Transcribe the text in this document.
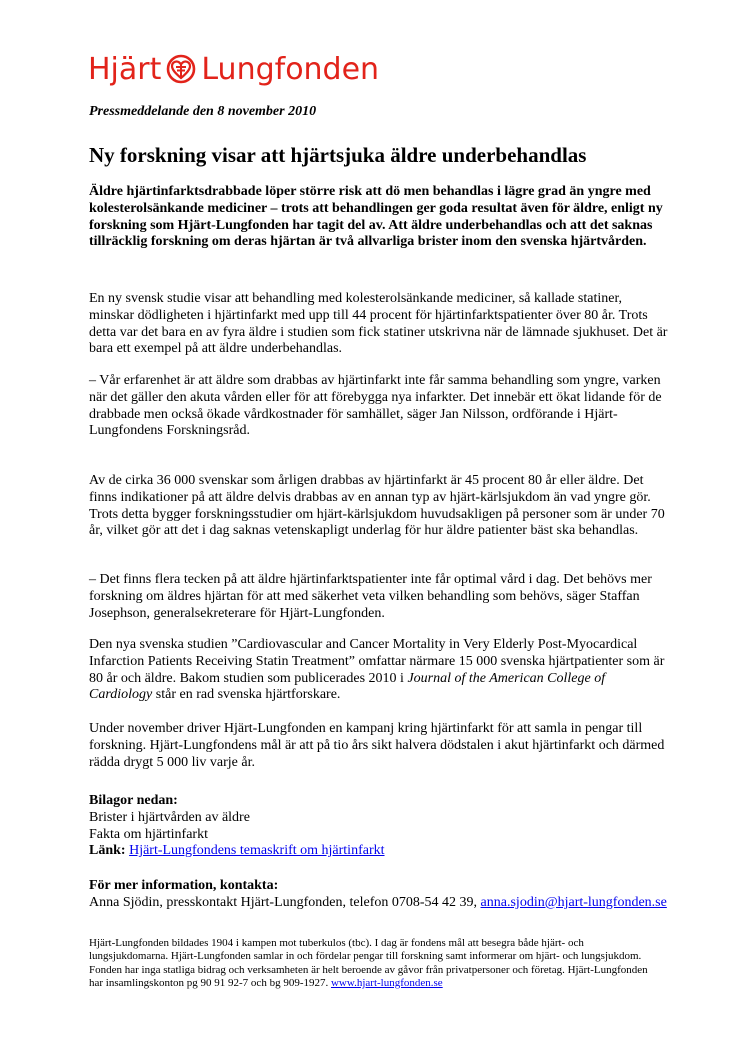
Hjärt Lungfonden
Pressmeddelande den 8 november 2010
Ny forskning visar att hjärtsjuka äldre underbehandlas

Äldre hjärtinfarktsdrabbade löper större risk att dö men behandlas i lägre grad än yngre med kolesterolsänkande mediciner – trots att behandlingen ger goda resultat även för äldre, enligt ny forskning som Hjärt-Lungfonden har tagit del av. Att äldre underbehandlas och att det saknas tillräcklig forskning om deras hjärtan är två allvarliga brister inom den svenska hjärtvården.

En ny svensk studie visar att behandling med kolesterolsänkande mediciner, så kallade statiner, minskar dödligheten i hjärtinfarkt med upp till 44 procent för hjärtinfarktspatienter över 80 år. Trots detta var det bara en av fyra äldre i studien som fick statiner utskrivna när de lämnade sjukhuset. Det är bara ett exempel på att äldre underbehandlas.

– Vår erfarenhet är att äldre som drabbas av hjärtinfarkt inte får samma behandling som yngre, varken när det gäller den akuta vården eller för att förebygga nya infarkter. Det innebär ett ökat lidande för de drabbade men också ökade vårdkostnader för samhället, säger Jan Nilsson, ordförande i Hjärt-Lungfondens Forskningsråd.

Av de cirka 36 000 svenskar som årligen drabbas av hjärtinfarkt är 45 procent 80 år eller äldre. Det finns indikationer på att äldre delvis drabbas av en annan typ av hjärt-kärlsjukdom än vad yngre gör. Trots detta bygger forskningsstudier om hjärt-kärlsjukdom huvudsakligen på personer som är under 70 år, vilket gör att det i dag saknas vetenskapligt underlag för hur äldre patienter bäst ska behandlas.

– Det finns flera tecken på att äldre hjärtinfarktspatienter inte får optimal vård i dag. Det behövs mer forskning om äldres hjärtan för att med säkerhet veta vilken behandling som behövs, säger Staffan Josephson, generalsekreterare för Hjärt-Lungfonden.

Den nya svenska studien ”Cardiovascular and Cancer Mortality in Very Elderly Post-Myocardical Infarction Patients Receiving Statin Treatment” omfattar närmare 15 000 svenska hjärtpatienter som är 80 år och äldre. Bakom studien som publicerades 2010 i Journal of the American College of Cardiology står en rad svenska hjärtforskare.

Under november driver Hjärt-Lungfonden en kampanj kring hjärtinfarkt för att samla in pengar till forskning. Hjärt-Lungfondens mål är att på tio års sikt halvera dödstalen i akut hjärtinfarkt och därmed rädda drygt 5 000 liv varje år.

Bilagor nedan:
Brister i hjärtvården av äldre
Fakta om hjärtinfarkt
Länk: Hjärt-Lungfondens temaskrift om hjärtinfarkt
För mer information, kontakta:
Anna Sjödin, presskontakt Hjärt-Lungfonden, telefon 0708-54 42 39, anna.sjodin@hjart-lungfonden.se

Hjärt-Lungfonden bildades 1904 i kampen mot tuberkulos (tbc). I dag är fondens mål att besegra både hjärt- och lungsjukdomarna. Hjärt-Lungfonden samlar in och fördelar pengar till forskning samt informerar om hjärt- och lungsjukdom. Fonden har inga statliga bidrag och verksamheten är helt beroende av gåvor från privatpersoner och företag. Hjärt-Lungfonden har insamlingskonton pg 90 91 92-7 och bg 909-1927. www.hjart-lungfonden.se
